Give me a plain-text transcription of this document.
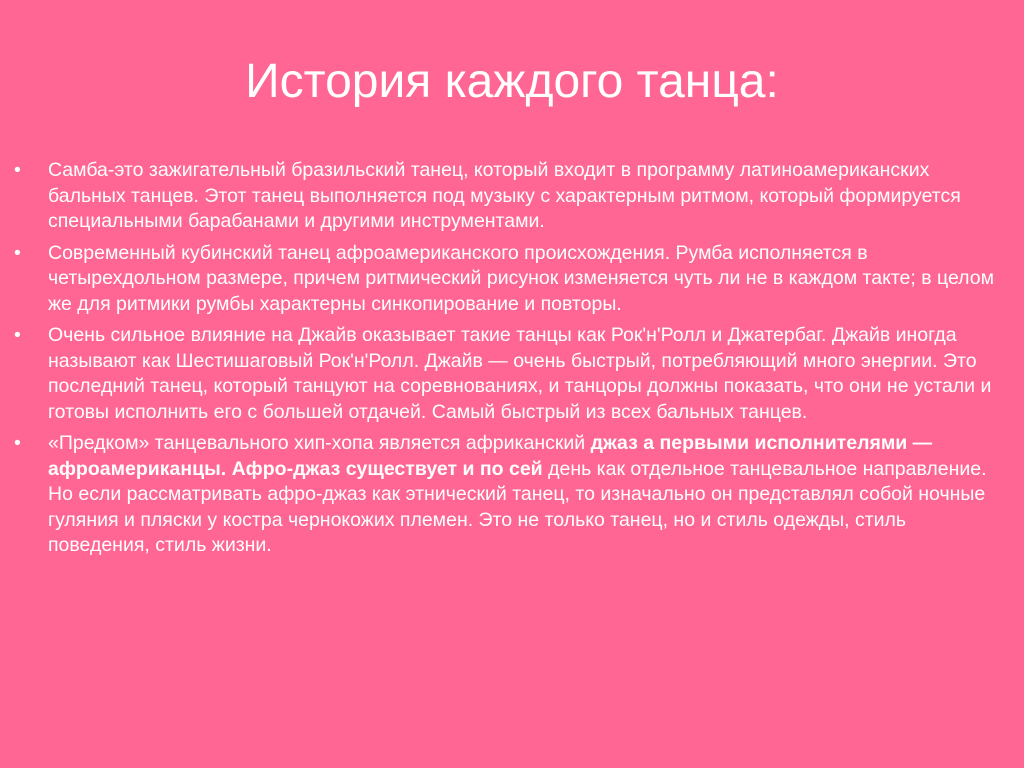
История каждого танца:
•	Самба-это зажигательный бразильский танец, который входит в программу латиноамериканских бальных танцев. Этот танец выполняется под музыку с характерным ритмом, который формируется специальными барабанами и другими инструментами.
•	Современный кубинский танец афроамериканского происхождения. Румба исполняется в четырехдольном размере, причем ритмический рисунок изменяется чуть ли не в каждом такте; в целом же для ритмики румбы характерны синкопирование и повторы.
•	Очень сильное влияние на Джайв оказывает такие танцы как Рок'н'Ролл и Джатербаг. Джайв иногда называют как Шестишаговый Рок'н'Ролл. Джайв — очень быстрый, потребляющий много энергии. Это последний танец, который танцуют на соревнованиях, и танцоры должны показать, что они не устали и готовы исполнить его с большей отдачей. Самый быстрый из всех бальных танцев.
•	«Предком» танцевального хип-хопа является африканский джаз а первыми исполнителями — афроамериканцы. Афро-джаз существует и по сей день как отдельное танцевальное направление. Но если рассматривать афро-джаз как этнический танец, то изначально он представлял собой ночные гуляния и пляски у костра чернокожих племен. Это не только танец, но и стиль одежды, стиль поведения, стиль жизни.
